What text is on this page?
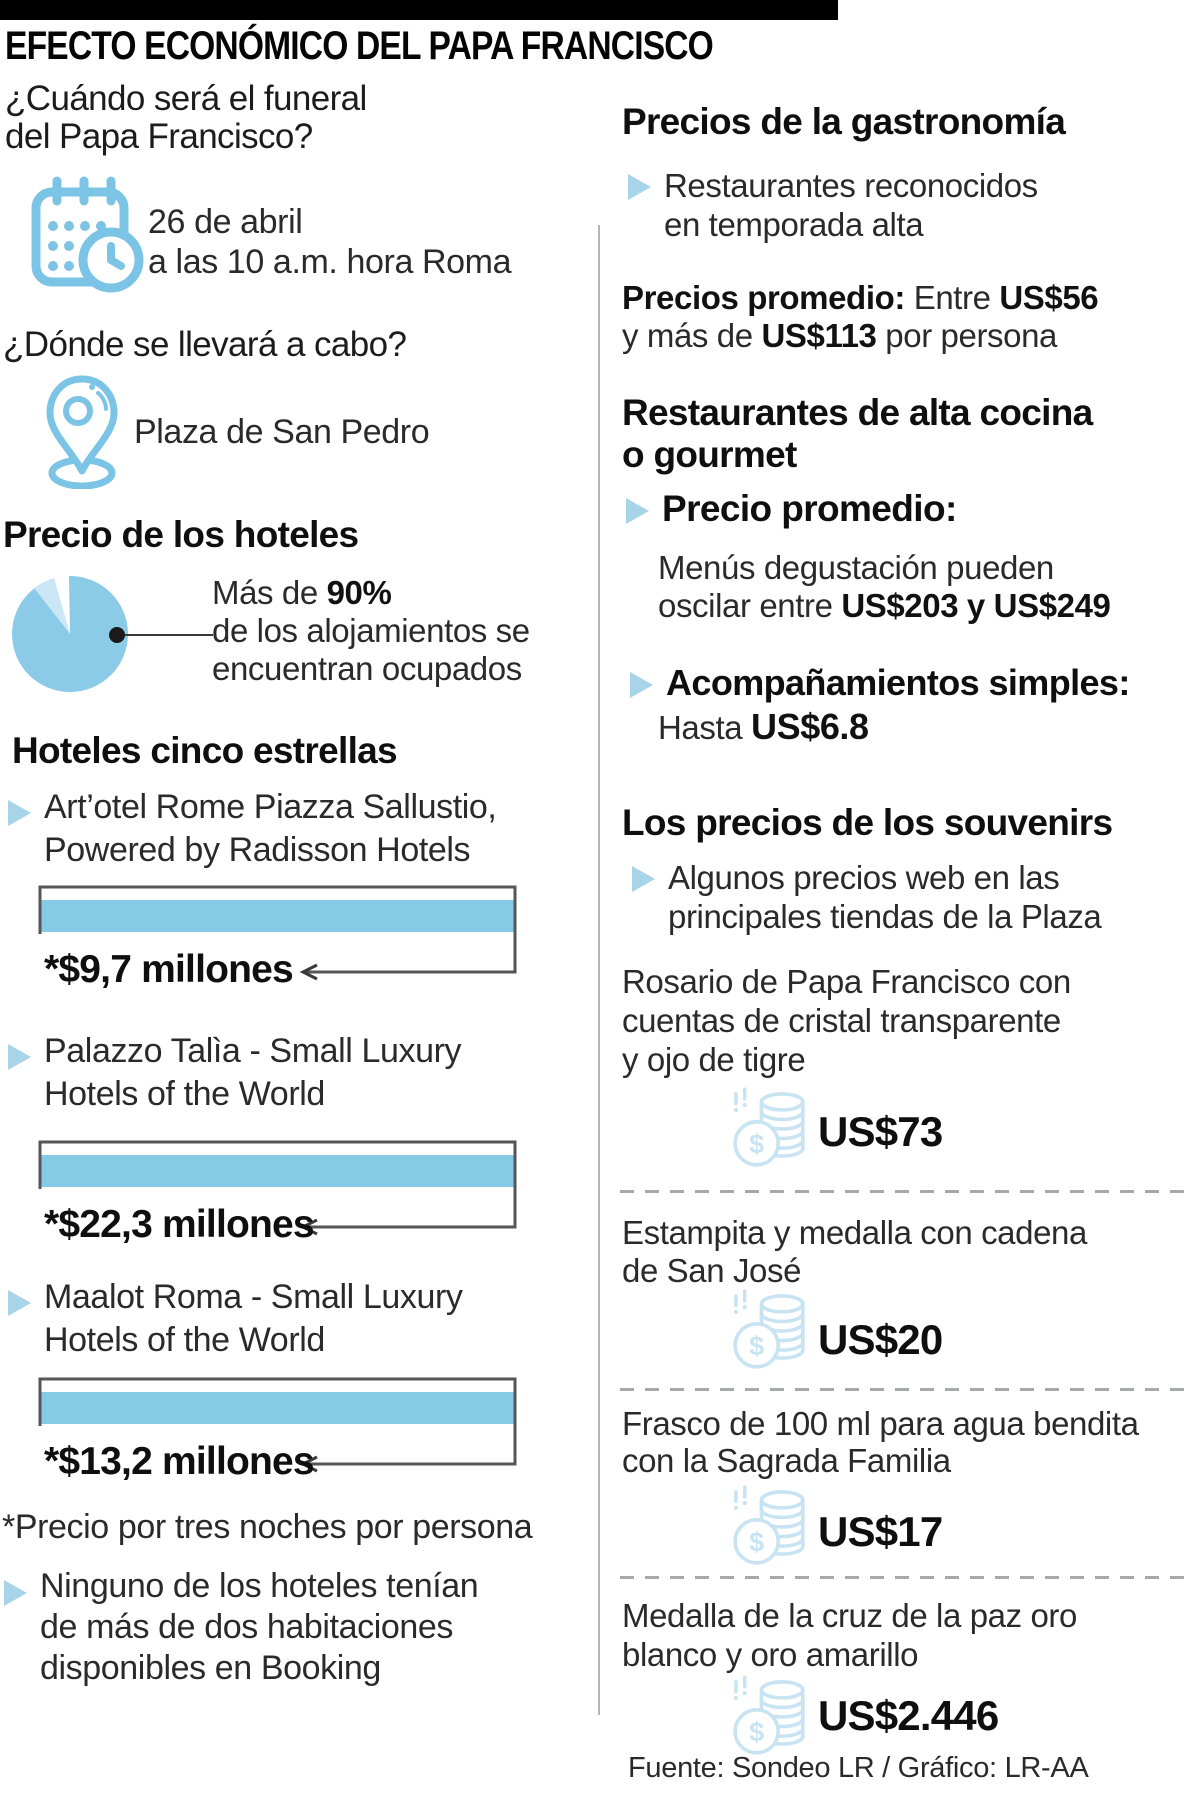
EFECTO ECONÓMICO DEL PAPA FRANCISCO
¿Cuándo será el funeral
del Papa Francisco?
26 de abril
a las 10 a.m. hora Roma
¿Dónde se llevará a cabo?
Plaza de San Pedro
Precio de los hoteles
Más de 90%
de los alojamientos se
encuentran ocupados
Hoteles cinco estrellas
Art’otel Rome Piazza Sallustio,
Powered by Radisson Hotels
*$9,7 millones
Palazzo Talìa - Small Luxury
Hotels of the World
*$22,3 millones
Maalot Roma - Small Luxury
Hotels of the World
*$13,2 millones
*Precio por tres noches por persona
Ninguno de los hoteles tenían
de más de dos habitaciones
disponibles en Booking
Precios de la gastronomía
Restaurantes reconocidos
en temporada alta
Precios promedio: Entre US$56
y más de US$113 por persona
Restaurantes de alta cocina
o gourmet
Precio promedio:
Menús degustación pueden
oscilar entre US$203 y US$249
Acompañamientos simples:
Hasta US$6.8
Los precios de los souvenirs
Algunos precios web en las
principales tiendas de la Plaza
Rosario de Papa Francisco con
cuentas de cristal transparente
y ojo de tigre
$ US$73
Estampita y medalla con cadena
de San José
$ US$20
Frasco de 100 ml para agua bendita
con la Sagrada Familia
$ US$17
Medalla de la cruz de la paz oro
blanco y oro amarillo
$ US$2.446
Fuente: Sondeo LR / Gráfico: LR-AA
